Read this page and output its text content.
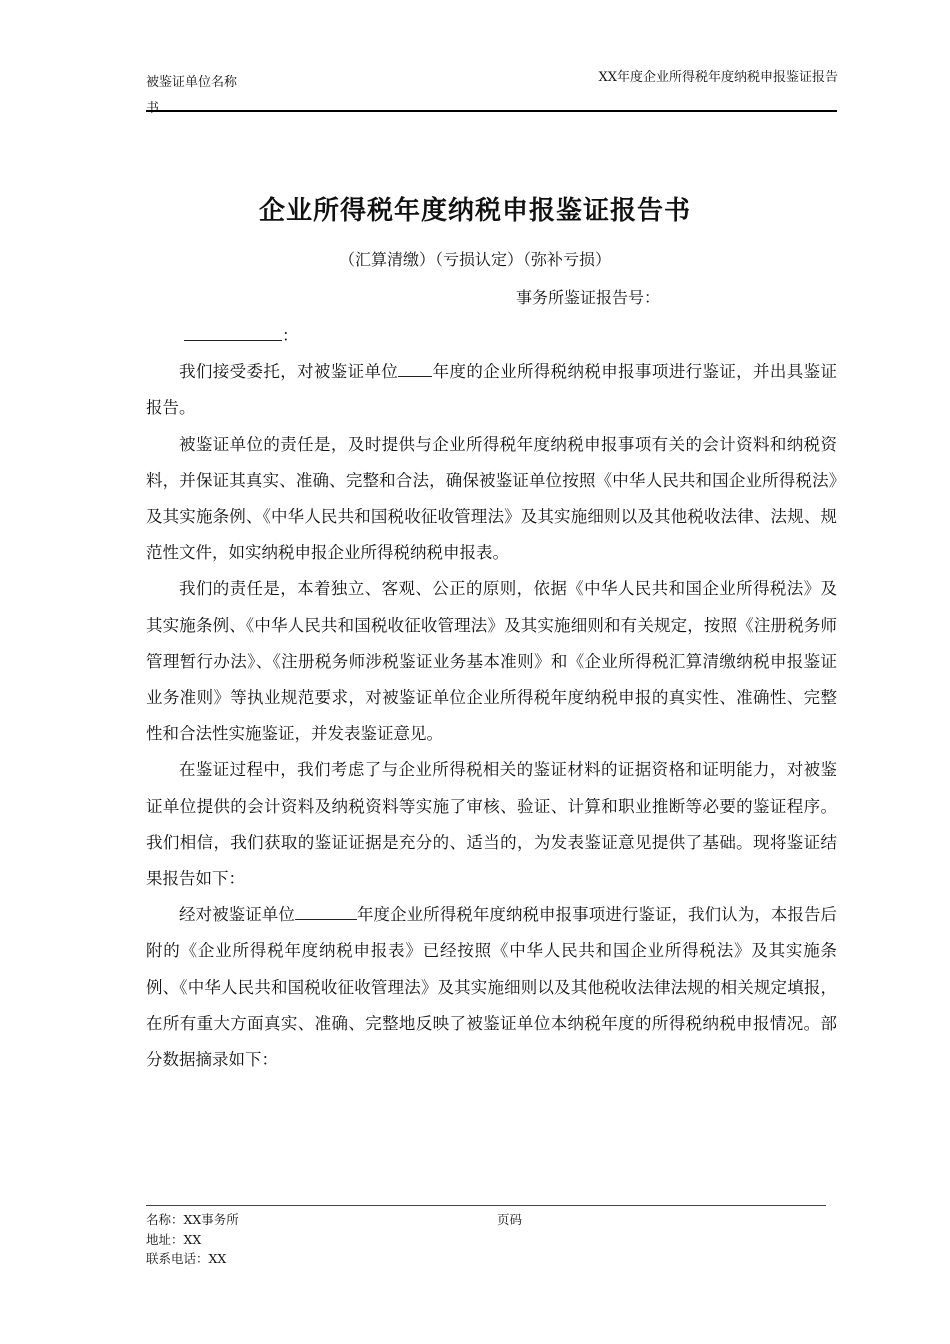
被鉴证单位名称
书
XX年度企业所得税年度纳税申报鉴证报告
企业所得税年度纳税申报鉴证报告书
（汇算清缴）（亏损认定）（弥补亏损）
事务所鉴证报告号：
：

我们接受委托，对被鉴证单位 年度的企业所得税纳税申报事项进行鉴证，并出具鉴证报告。

被鉴证单位的责任是，及时提供与企业所得税年度纳税申报事项有关的会计资料和纳税资料，并保证其真实、准确、完整和合法，确保被鉴证单位按照《中华人民共和国企业所得税法》及其实施条例、《中华人民共和国税收征收管理法》及其实施细则以及其他税收法律、法规、规范性文件，如实纳税申报企业所得税纳税申报表。

我们的责任是，本着独立、客观、公正的原则，依据《中华人民共和国企业所得税法》及其实施条例、《中华人民共和国税收征收管理法》及其实施细则和有关规定，按照《注册税务师管理暂行办法》、《注册税务师涉税鉴证业务基本准则》和《企业所得税汇算清缴纳税申报鉴证业务准则》等执业规范要求，对被鉴证单位企业所得税年度纳税申报的真实性、准确性、完整性和合法性实施鉴证，并发表鉴证意见。

在鉴证过程中，我们考虑了与企业所得税相关的鉴证材料的证据资格和证明能力，对被鉴证单位提供的会计资料及纳税资料等实施了审核、验证、计算和职业推断等必要的鉴证程序。我们相信，我们获取的鉴证证据是充分的、适当的，为发表鉴证意见提供了基础。现将鉴证结果报告如下：

经对被鉴证单位	年度企业所得税年度纳税申报事项进行鉴证，我们认为，本报告后附的《企业所得税年度纳税申报表》已经按照《中华人民共和国企业所得税法》及其实施条例、《中华人民共和国税收征收管理法》及其实施细则以及其他税收法律法规的相关规定填报，在所有重大方面真实、准确、完整地反映了被鉴证单位本纳税年度的所得税纳税申报情况。部分数据摘录如下：

名称：XX事务所
地址：XX
联系电话：XX
页码
